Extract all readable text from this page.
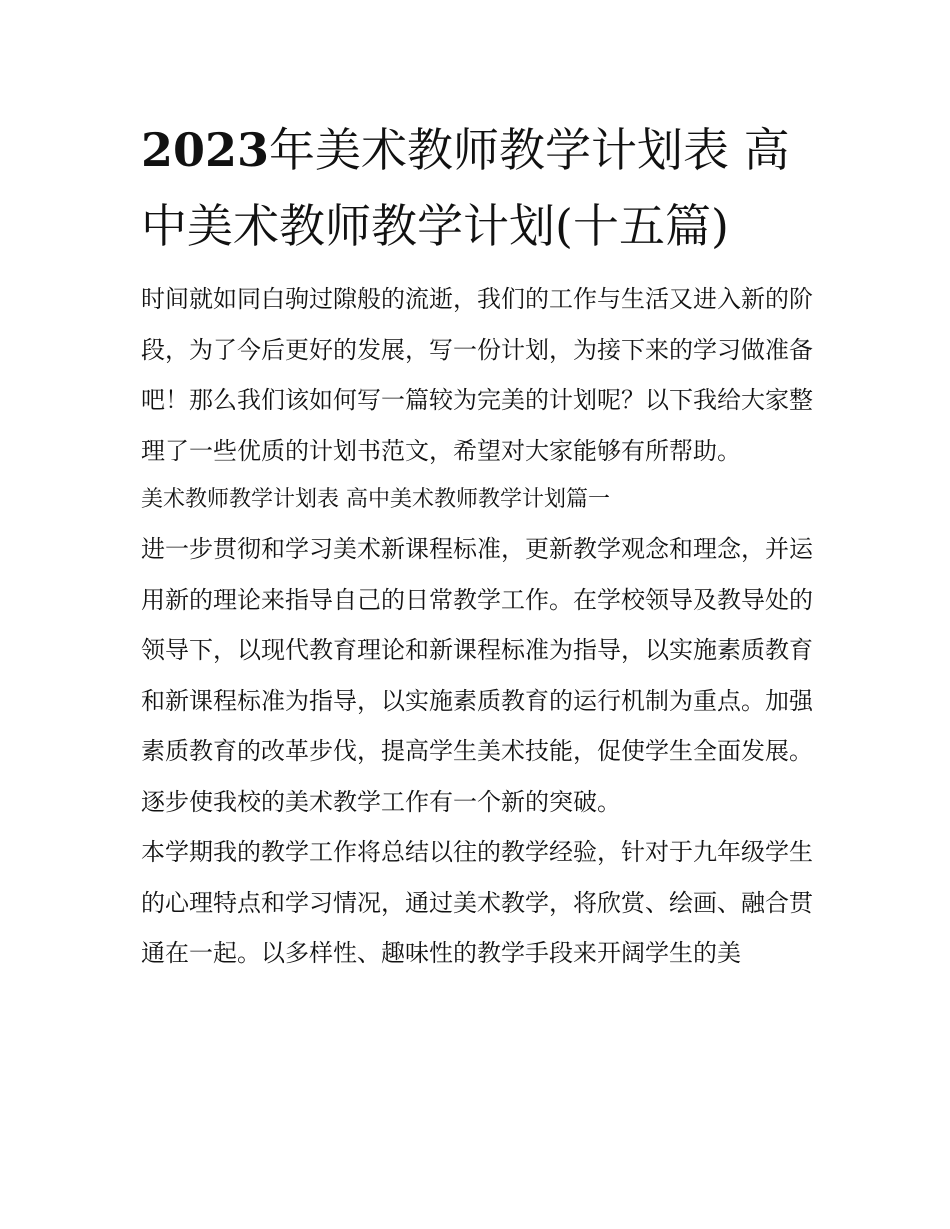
2023年美术教师教学计划表 高中美术教师教学计划(十五篇)

时间就如同白驹过隙般的流逝，我们的工作与生活又进入新的阶段，为了今后更好的发展，写一份计划，为接下来的学习做准备吧！那么我们该如何写一篇较为完美的计划呢？以下我给大家整理了一些优质的计划书范文，希望对大家能够有所帮助。

美术教师教学计划表 高中美术教师教学计划篇一

进一步贯彻和学习美术新课程标准，更新教学观念和理念，并运用新的理论来指导自己的日常教学工作。在学校领导及教导处的领导下，以现代教育理论和新课程标准为指导，以实施素质教育和新课程标准为指导，以实施素质教育的运行机制为重点。加强素质教育的改革步伐，提高学生美术技能，促使学生全面发展。逐步使我校的美术教学工作有一个新的突破。

本学期我的教学工作将总结以往的教学经验，针对于九年级学生的心理特点和学习情况，通过美术教学，将欣赏、绘画、融合贯通在一起。以多样性、趣味性的教学手段来开阔学生的美
